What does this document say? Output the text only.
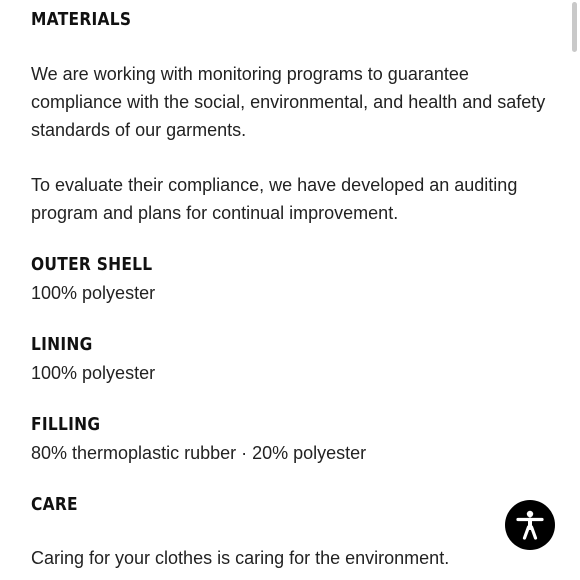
MATERIALS
We are working with monitoring programs to guarantee compliance with the social, environmental, and health and safety standards of our garments.
To evaluate their compliance, we have developed an auditing program and plans for continual improvement.
OUTER SHELL
100% polyester
LINING
100% polyester
FILLING
80% thermoplastic rubber · 20% polyester
CARE
Caring for your clothes is caring for the environment.
